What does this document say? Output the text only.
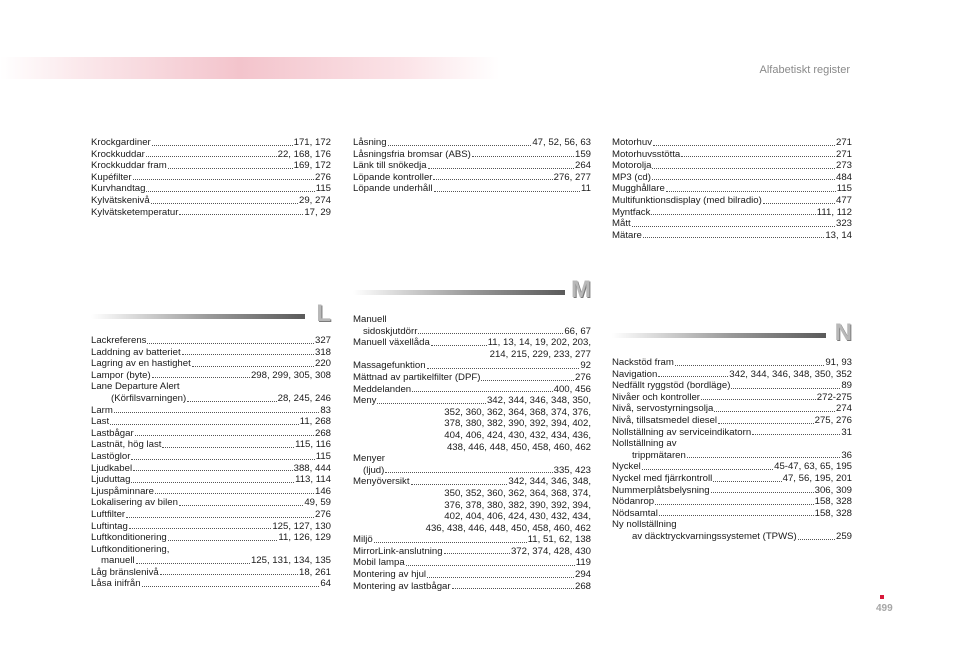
Alfabetiskt register
Krockgardiner	171, 172
Krockkuddar	22, 168, 176
Krockkuddar fram	169, 172
Kupéfilter	276
Kurvhandtag	115
Kylvätskenivå	29, 274
Kylvätsketemperatur	17, 29
L
Lackreferens	327
Laddning av batteriet	318
Lagring av en hastighet	220
Lampor (byte)	298, 299, 305, 308
Lane Departure Alert
(Körfilsvarningen)	28, 245, 246
Larm	83
Last	11, 268
Lastbågar	268
Lastnät, hög last	115, 116
Lastöglor	115
Ljudkabel	388, 444
Ljuduttag	113, 114
Ljuspåminnare	146
Lokalisering av bilen	49, 59
Luftfilter	276
Luftintag	125, 127, 130
Luftkonditionering	11, 126, 129
Luftkonditionering,
manuell	125, 131, 134, 135
Låg bränslenivå	18, 261
Låsa inifrån	64
Låsning	47, 52, 56, 63
Låsningsfria bromsar (ABS)	159
Länk till snökedja	264
Löpande kontroller	276, 277
Löpande underhåll	11
M
Manuell
sidoskjutdörr	66, 67
Manuell växellåda	11, 13, 14, 19, 202, 203,
214, 215, 229, 233, 277
Massagefunktion	92
Mättnad av partikelfilter (DPF)	276
Meddelanden	400, 456
Meny	342, 344, 346, 348, 350,
352, 360, 362, 364, 368, 374, 376,
378, 380, 382, 390, 392, 394, 402,
404, 406, 424, 430, 432, 434, 436,
438, 446, 448, 450, 458, 460, 462
Menyer
(ljud)	335, 423
Menyöversikt	342, 344, 346, 348,
350, 352, 360, 362, 364, 368, 374,
376, 378, 380, 382, 390, 392, 394,
402, 404, 406, 424, 430, 432, 434,
436, 438, 446, 448, 450, 458, 460, 462
Miljö	11, 51, 62, 138
MirrorLink-anslutning	372, 374, 428, 430
Mobil lampa	119
Montering av hjul	294
Montering av lastbågar	268
Motorhuv	271
Motorhuvsstötta	271
Motorolja	273
MP3 (cd)	484
Mugghållare	115
Multifunktionsdisplay (med bilradio)	477
Myntfack	111, 112
Mått	323
Mätare	13, 14
N
Nackstöd fram	91, 93
Navigation	342, 344, 346, 348, 350, 352
Nedfällt ryggstöd (bordläge)	89
Nivåer och kontroller	272-275
Nivå, servostyrningsolja	274
Nivå, tillsatsmedel diesel	275, 276
Nollställning av serviceindikatorn	31
Nollställning av
trippmätaren	36
Nyckel	45-47, 63, 65, 195
Nyckel med fjärrkontroll	47, 56, 195, 201
Nummerplåtsbelysning	306, 309
Nödanrop	158, 328
Nödsamtal	158, 328
Ny nollställning
av däcktryckvarningssystemet (TPWS)	259
499
